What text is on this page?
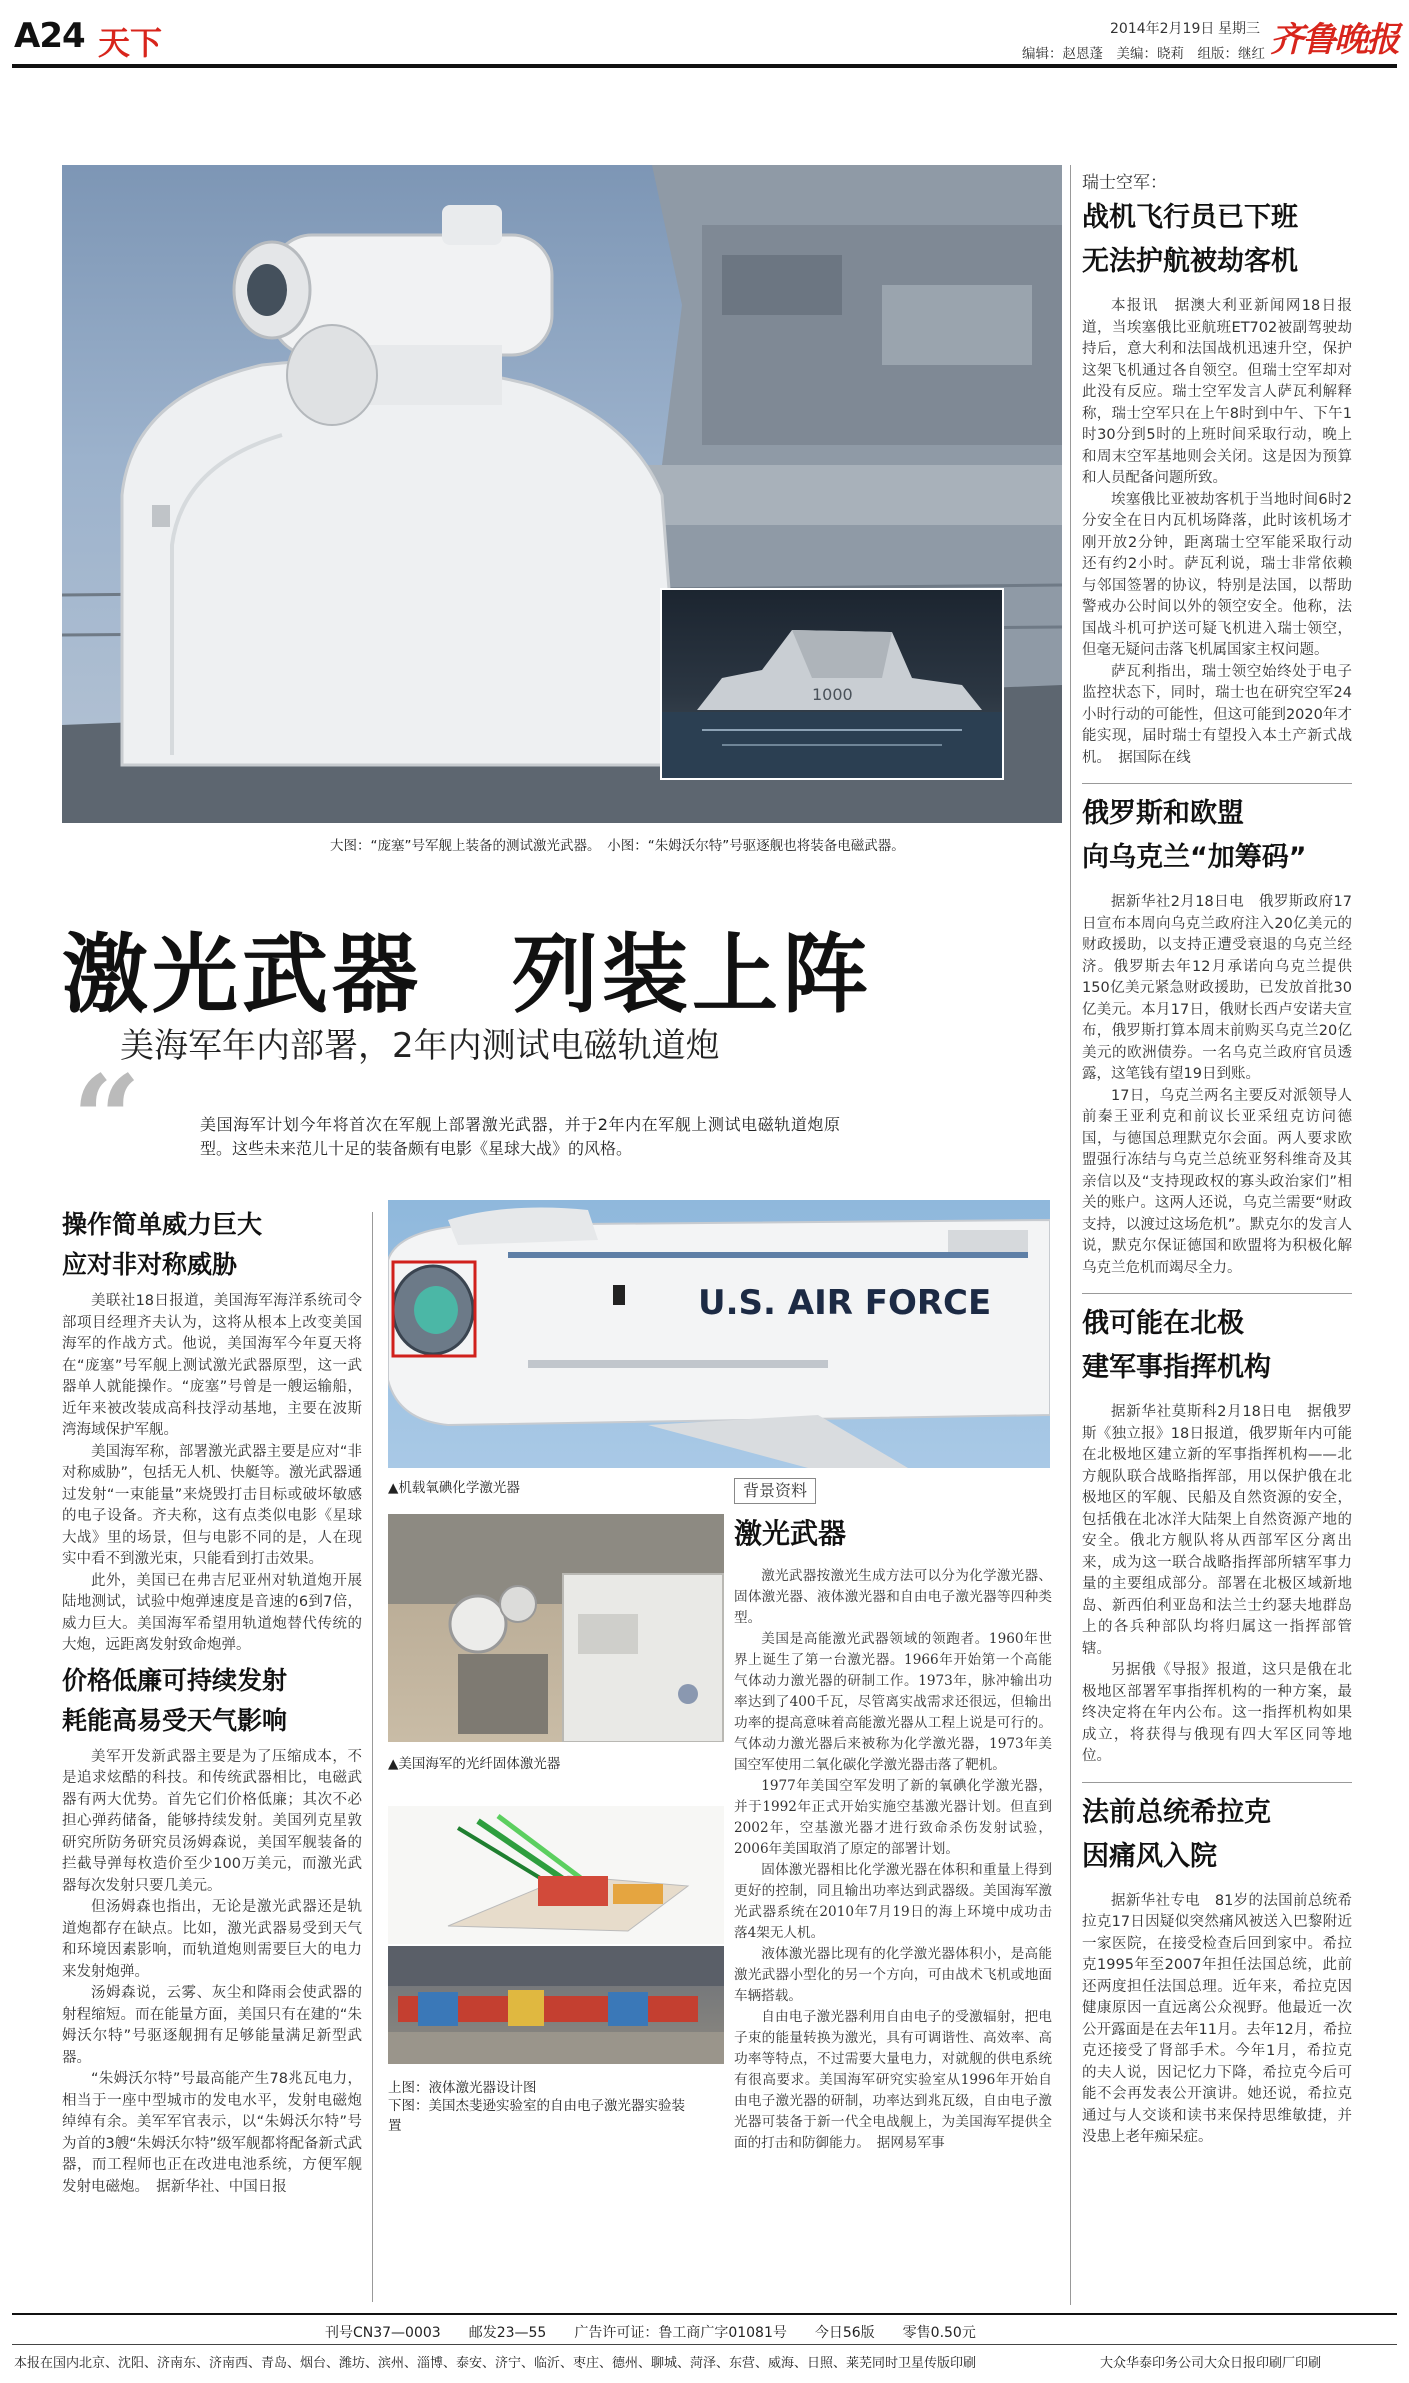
A24 天下	2014年2月19日 星期三
编辑：赵恩蓬　美编：晓莉　组版：继红 齐鲁晚报
1000
大图：“庞塞”号军舰上装备的测试激光武器。　小图：“朱姆沃尔特”号驱逐舰也将装备电磁武器。
激光武器　列装上阵
美海军年内部署，2年内测试电磁轨道炮
“	美国海军计划今年将首次在军舰上部署激光武器，并于2年内在军舰上测试电磁轨道炮原型。这些未来范儿十足的装备颇有电影《星球大战》的风格。
操作简单威力巨大
应对非对称威胁

美联社18日报道，美国海军海洋系统司令部项目经理齐夫认为，这将从根本上改变美国海军的作战方式。他说，美国海军今年夏天将在“庞塞”号军舰上测试激光武器原型，这一武器单人就能操作。“庞塞”号曾是一艘运输船，近年来被改装成高科技浮动基地，主要在波斯湾海域保护军舰。

美国海军称，部署激光武器主要是应对“非对称威胁”，包括无人机、快艇等。激光武器通过发射“一束能量”来烧毁打击目标或破坏敏感的电子设备。齐夫称，这有点类似电影《星球大战》里的场景，但与电影不同的是，人在现实中看不到激光束，只能看到打击效果。

此外，美国已在弗吉尼亚州对轨道炮开展陆地测试，试验中炮弹速度是音速的6到7倍，威力巨大。美国海军希望用轨道炮替代传统的大炮，远距离发射致命炮弹。

价格低廉可持续发射
耗能高易受天气影响

美军开发新武器主要是为了压缩成本，不是追求炫酷的科技。和传统武器相比，电磁武器有两大优势。首先它们价格低廉；其次不必担心弹药储备，能够持续发射。美国列克星敦研究所防务研究员汤姆森说，美国军舰装备的拦截导弹每枚造价至少100万美元，而激光武器每次发射只要几美元。

但汤姆森也指出，无论是激光武器还是轨道炮都存在缺点。比如，激光武器易受到天气和环境因素影响，而轨道炮则需要巨大的电力来发射炮弹。

汤姆森说，云雾、灰尘和降雨会使武器的射程缩短。而在能量方面，美国只有在建的“朱姆沃尔特”号驱逐舰拥有足够能量满足新型武器。

“朱姆沃尔特”号最高能产生78兆瓦电力，相当于一座中型城市的发电水平，发射电磁炮绰绰有余。美军军官表示，以“朱姆沃尔特”号为首的3艘“朱姆沃尔特”级军舰都将配备新式武器，而工程师也正在改进电池系统，方便军舰发射电磁炮。　据新华社、中国日报

U.S. AIR FORCE
▲机载氧碘化学激光器
▲美国海军的光纤固体激光器
上图：液体激光器设计图
下图：美国杰斐逊实验室的自由电子激光器实验装置
背景资料
激光武器

激光武器按激光生成方法可以分为化学激光器、固体激光器、液体激光器和自由电子激光器等四种类型。

美国是高能激光武器领域的领跑者。1960年世界上诞生了第一台激光器。1966年开始第一个高能气体动力激光器的研制工作。1973年，脉冲输出功率达到了400千瓦，尽管离实战需求还很远，但输出功率的提高意味着高能激光器从工程上说是可行的。气体动力激光器后来被称为化学激光器，1973年美国空军使用二氧化碳化学激光器击落了靶机。

1977年美国空军发明了新的氧碘化学激光器，并于1992年正式开始实施空基激光器计划。但直到2002年，空基激光器才进行致命杀伤发射试验，2006年美国取消了原定的部署计划。

固体激光器相比化学激光器在体积和重量上得到更好的控制，同且输出功率达到武器级。美国海军激光武器系统在2010年7月19日的海上环境中成功击落4架无人机。

液体激光器比现有的化学激光器体积小，是高能激光武器小型化的另一个方向，可由战术飞机或地面车辆搭载。

自由电子激光器利用自由电子的受激辐射，把电子束的能量转换为激光，具有可调谐性、高效率、高功率等特点，不过需要大量电力，对就舰的供电系统有很高要求。美国海军研究实验室从1996年开始自由电子激光器的研制，功率达到兆瓦级，自由电子激光器可装备于新一代全电战舰上，为美国海军提供全面的打击和防御能力。　据网易军事

瑞士空军：
战机飞行员已下班
无法护航被劫客机

本报讯　据澳大利亚新闻网18日报道，当埃塞俄比亚航班ET702被副驾驶劫持后，意大利和法国战机迅速升空，保护这架飞机通过各自领空。但瑞士空军却对此没有反应。瑞士空军发言人萨瓦利解释称，瑞士空军只在上午8时到中午、下午1时30分到5时的上班时间采取行动，晚上和周末空军基地则会关闭。这是因为预算和人员配备问题所致。

埃塞俄比亚被劫客机于当地时间6时2分安全在日内瓦机场降落，此时该机场才刚开放2分钟，距离瑞士空军能采取行动还有约2小时。萨瓦利说，瑞士非常依赖与邻国签署的协议，特别是法国，以帮助警戒办公时间以外的领空安全。他称，法国战斗机可护送可疑飞机进入瑞士领空，但毫无疑问击落飞机属国家主权问题。

萨瓦利指出，瑞士领空始终处于电子监控状态下，同时，瑞士也在研究空军24小时行动的可能性，但这可能到2020年才能实现，届时瑞士有望投入本土产新式战机。　据国际在线

俄罗斯和欧盟
向乌克兰“加筹码”

据新华社2月18日电　俄罗斯政府17日宣布本周向乌克兰政府注入20亿美元的财政援助，以支持正遭受衰退的乌克兰经济。俄罗斯去年12月承诺向乌克兰提供150亿美元紧急财政援助，已发放首批30亿美元。本月17日，俄财长西卢安诺夫宣布，俄罗斯打算本周末前购买乌克兰20亿美元的欧洲债券。一名乌克兰政府官员透露，这笔钱有望19日到账。

17日，乌克兰两名主要反对派领导人前秦王亚利克和前议长亚采纽克访问德国，与德国总理默克尔会面。两人要求欧盟强行冻结与乌克兰总统亚努科维奇及其亲信以及“支持现政权的寡头政治家们”相关的账户。这两人还说，乌克兰需要“财政支持，以渡过这场危机”。默克尔的发言人说，默克尔保证德国和欧盟将为积极化解乌克兰危机而竭尽全力。

俄可能在北极
建军事指挥机构

据新华社莫斯科2月18日电　据俄罗斯《独立报》18日报道，俄罗斯年内可能在北极地区建立新的军事指挥机构——北方舰队联合战略指挥部，用以保护俄在北极地区的军舰、民船及自然资源的安全，包括俄在北冰洋大陆架上自然资源产地的安全。俄北方舰队将从西部军区分离出来，成为这一联合战略指挥部所辖军事力量的主要组成部分。部署在北极区域新地岛、新西伯利亚岛和法兰士约瑟夫地群岛上的各兵种部队均将归属这一指挥部管辖。

另据俄《导报》报道，这只是俄在北极地区部署军事指挥机构的一种方案，最终决定将在年内公布。这一指挥机构如果成立，将获得与俄现有四大军区同等地位。

法前总统希拉克
因痛风入院

据新华社专电　81岁的法国前总统希拉克17日因疑似突然痛风被送入巴黎附近一家医院，在接受检查后回到家中。希拉克1995年至2007年担任法国总统，此前还两度担任法国总理。近年来，希拉克因健康原因一直远离公众视野。他最近一次公开露面是在去年11月。去年12月，希拉克还接受了肾部手术。今年1月，希拉克的夫人说，因记忆力下降，希拉克今后可能不会再发表公开演讲。她还说，希拉克通过与人交谈和读书来保持思维敏捷，并没患上老年痴呆症。

刊号CN37—0003　　邮发23—55　　广告许可证：鲁工商广字01081号　　今日56版　　零售0.50元
本报在国内北京、沈阳、济南东、济南西、青岛、烟台、潍坊、滨州、淄博、泰安、济宁、临沂、枣庄、德州、聊城、菏泽、东营、威海、日照、莱芜同时卫星传版印刷	大众华泰印务公司大众日报印刷厂印刷
